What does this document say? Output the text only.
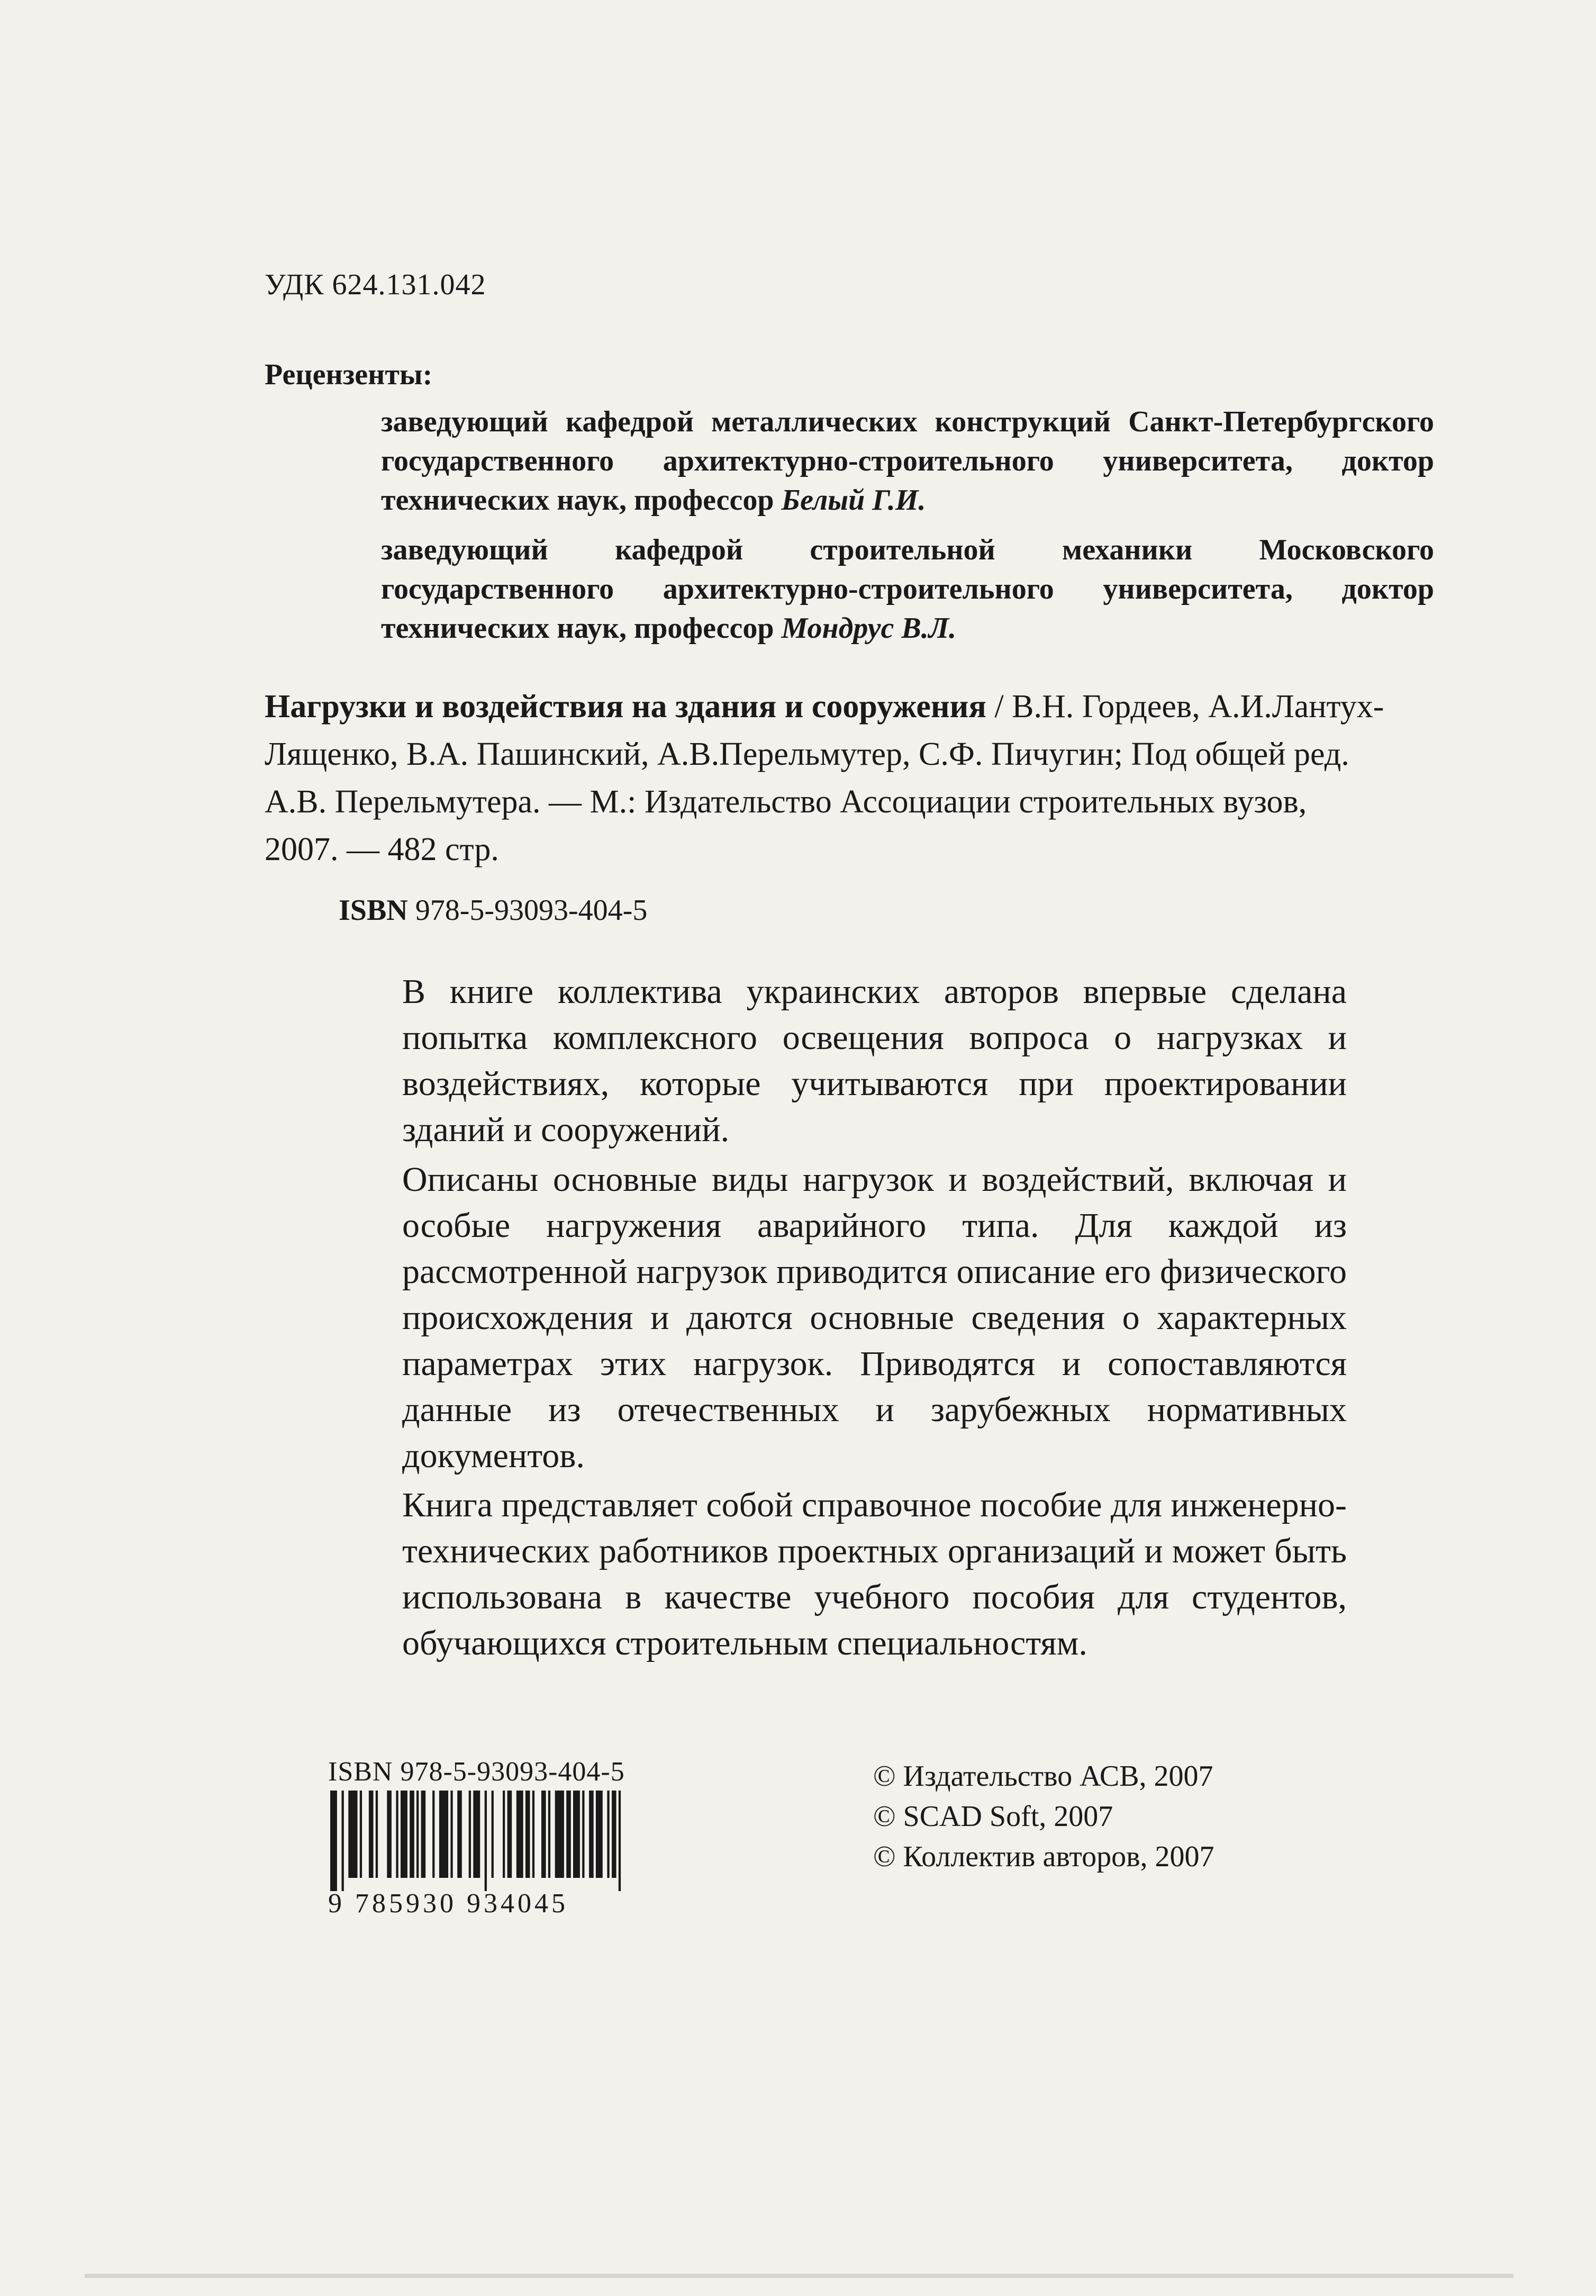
УДК 624.131.042
Рецензенты:
заведующий кафедрой металлических конструкций Санкт-Петербургского государственного архитектурно-строительного университета, доктор технических наук, профессор Белый Г.И.
заведующий кафедрой строительной механики Московского государственного архитектурно-строительного университета, доктор технических наук, профессор Мондрус В.Л.
Нагрузки и воздействия на здания и сооружения / В.Н. Гордеев, А.И.Лантух-Лященко, В.А. Пашинский, А.В.Перельмутер, С.Ф. Пичугин; Под общей ред. А.В. Перельмутера. — М.: Издательство Ассоциации строительных вузов, 2007. — 482 стр.
ISBN 978-5-93093-404-5

В книге коллектива украинских авторов впервые сделана попытка комплексного освещения вопроса о нагрузках и воздействиях, которые учитываются при проектировании зданий и сооружений.

Описаны основные виды нагрузок и воздействий, включая и особые нагружения аварийного типа. Для каждой из рассмотренной нагрузок приводится описание его физического происхождения и даются основные сведения о характерных параметрах этих нагрузок. Приводятся и сопоставляются данные из отечественных и зарубежных нормативных документов.

Книга представляет собой справочное пособие для инженерно-технических работников проектных организаций и может быть использована в качестве учебного пособия для студентов, обучающихся строительным специальностям.

ISBN 978-5-93093-404-5
9 785930 934045
© Издательство АСВ, 2007
© SCAD Soft, 2007
© Коллектив авторов, 2007
